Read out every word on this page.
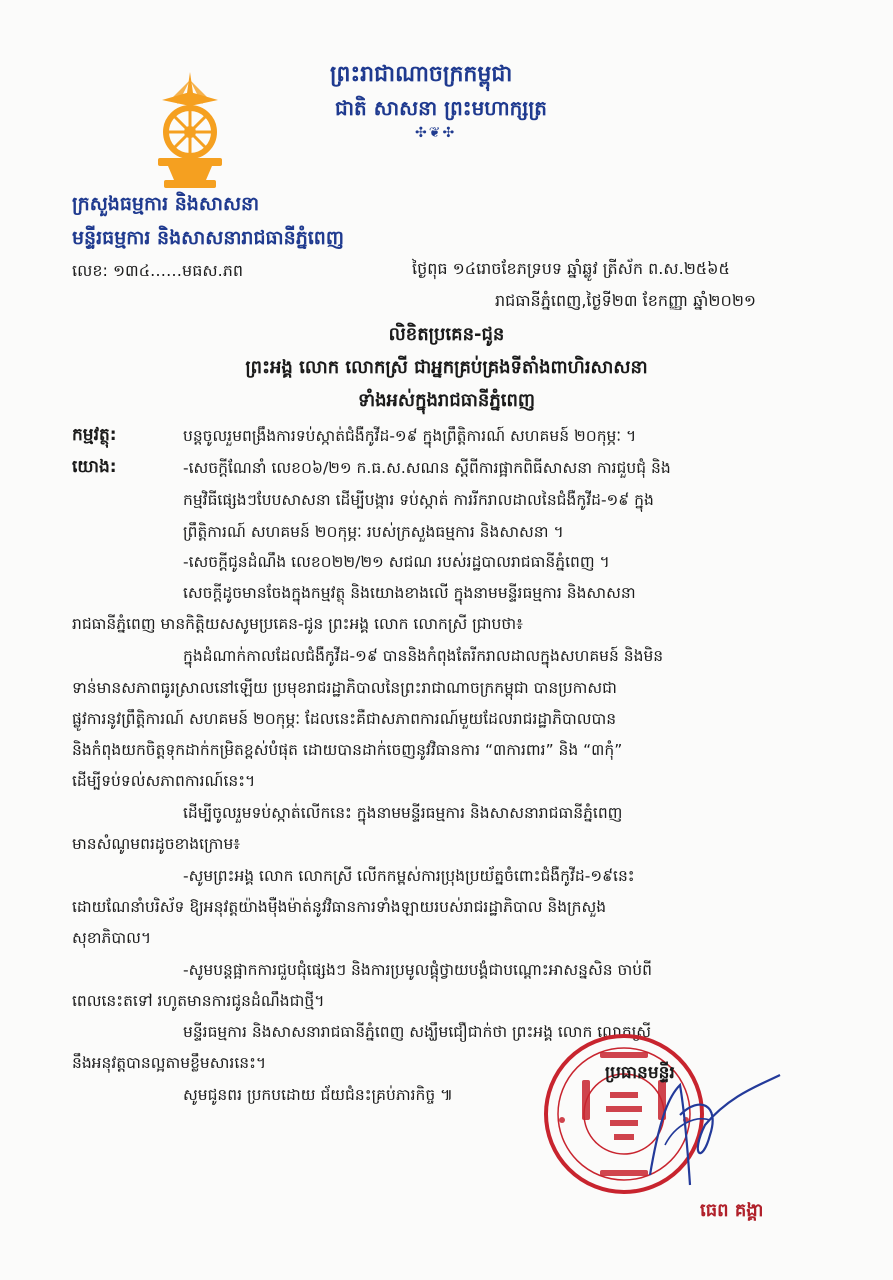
ព្រះរាជាណាចក្រកម្ពុជា
ជាតិ សាសនា ព្រះមហាក្សត្រ
✣❦✣
ក្រសួងធម្មការ និងសាសនា
មន្ទីរធម្មការ និងសាសនារាជធានីភ្នំពេញ
លេខ: ១៣៤……មធស.ភព	ថ្ងៃពុធ ១៤រោចខែភទ្របទ ឆ្នាំឆ្លូវ ត្រីស័ក ព.ស.២៥៦៥
រាជធានីភ្នំពេញ,ថ្ងៃទី២៣ ខែកញ្ញា ឆ្នាំ២០២១
លិខិតប្រគេន-ជូន
ព្រះអង្គ លោក លោកស្រី ជាអ្នកគ្រប់គ្រងទីតាំងពាហិរសាសនា
ទាំងអស់ក្នុងរាជធានីភ្នំពេញ
កម្មវត្ថុ:
យោង:
បន្តចូលរួមពង្រឹងការទប់ស្កាត់ជំងឺកូវីដ-១៩ ក្នុងព្រឹត្តិការណ៍ សហគមន៍ ២០កុម្ភៈ ។
-សេចក្តីណែនាំ លេខ០៦/២១ ក.ធ.ស.សណន ស្តីពីការផ្អាកពិធីសាសនា ការជួបជុំ និង
កម្មវិធីផ្សេងៗបែបសាសនា ដើម្បីបង្ការ ទប់ស្កាត់ ការរីករាលដាលនៃជំងឺកូវីដ-១៩ ក្នុង
ព្រឹត្តិការណ៍ សហគមន៍ ២០កុម្ភៈ របស់ក្រសួងធម្មការ និងសាសនា ។
-សេចក្តីជូនដំណឹង លេខ០២២/២១ សជណ របស់រដ្ឋបាលរាជធានីភ្នំពេញ ។
សេចក្តីដូចមានចែងក្នុងកម្មវត្ថុ និងយោងខាងលើ ក្នុងនាមមន្ទីរធម្មការ និងសាសនា
រាជធានីភ្នំពេញ មានកិត្តិយសសូមប្រគេន-ជូន ព្រះអង្គ លោក លោកស្រី ជ្រាបថា៖
ក្នុងដំណាក់កាលដែលជំងឺកូវីដ-១៩ បាននិងកំពុងតែរីករាលដាលក្នុងសហគមន៍ និងមិន
ទាន់មានសភាពធូរស្រាលនៅឡើយ ប្រមុខរាជរដ្ឋាភិបាលនៃព្រះរាជាណាចក្រកម្ពុជា បានប្រកាសជា
ផ្លូវការនូវព្រឹត្តិការណ៍ សហគមន៍ ២០កុម្ភៈ ដែលនេះគឺជាសភាពការណ៍មួយដែលរាជរដ្ឋាភិបាលបាន
និងកំពុងយកចិត្តទុកដាក់កម្រិតខ្ពស់បំផុត ដោយបានដាក់ចេញនូវវិធានការ “៣ការពារ” និង “៣កុំ”
ដើម្បីទប់ទល់សភាពការណ៍នេះ។
ដើម្បីចូលរួមទប់ស្កាត់លើកនេះ ក្នុងនាមមន្ទីរធម្មការ និងសាសនារាជធានីភ្នំពេញ
មានសំណូមពរដូចខាងក្រោម៖
-សូមព្រះអង្គ លោក លោកស្រី លើកកម្ពស់ការប្រុងប្រយ័ត្នចំពោះជំងឺកូវីដ-១៩នេះ
ដោយណែនាំបរិស័ទ ឱ្យអនុវត្តយ៉ាងម៉ឺងម៉ាត់នូវវិធានការទាំងឡាយរបស់រាជរដ្ឋាភិបាល និងក្រសួង
សុខាភិបាល។
-សូមបន្តផ្អាកការជួបជុំផ្សេងៗ និងការប្រមូលផ្តុំថ្វាយបង្គំជាបណ្តោះអាសន្នសិន ចាប់ពី
ពេលនេះតទៅ រហូតមានការជូនដំណឹងជាថ្មី។
មន្ទីរធម្មការ និងសាសនារាជធានីភ្នំពេញ សង្ឃឹមជឿជាក់ថា ព្រះអង្គ លោក លោកស្រី
នឹងអនុវត្តបានល្អតាមខ្លឹមសារនេះ។
សូមជូនពរ ប្រកបដោយ ជ័យជំនះគ្រប់ភារកិច្ច ៕
ប្រធានមន្ទីរ
ធេព គង្គា
